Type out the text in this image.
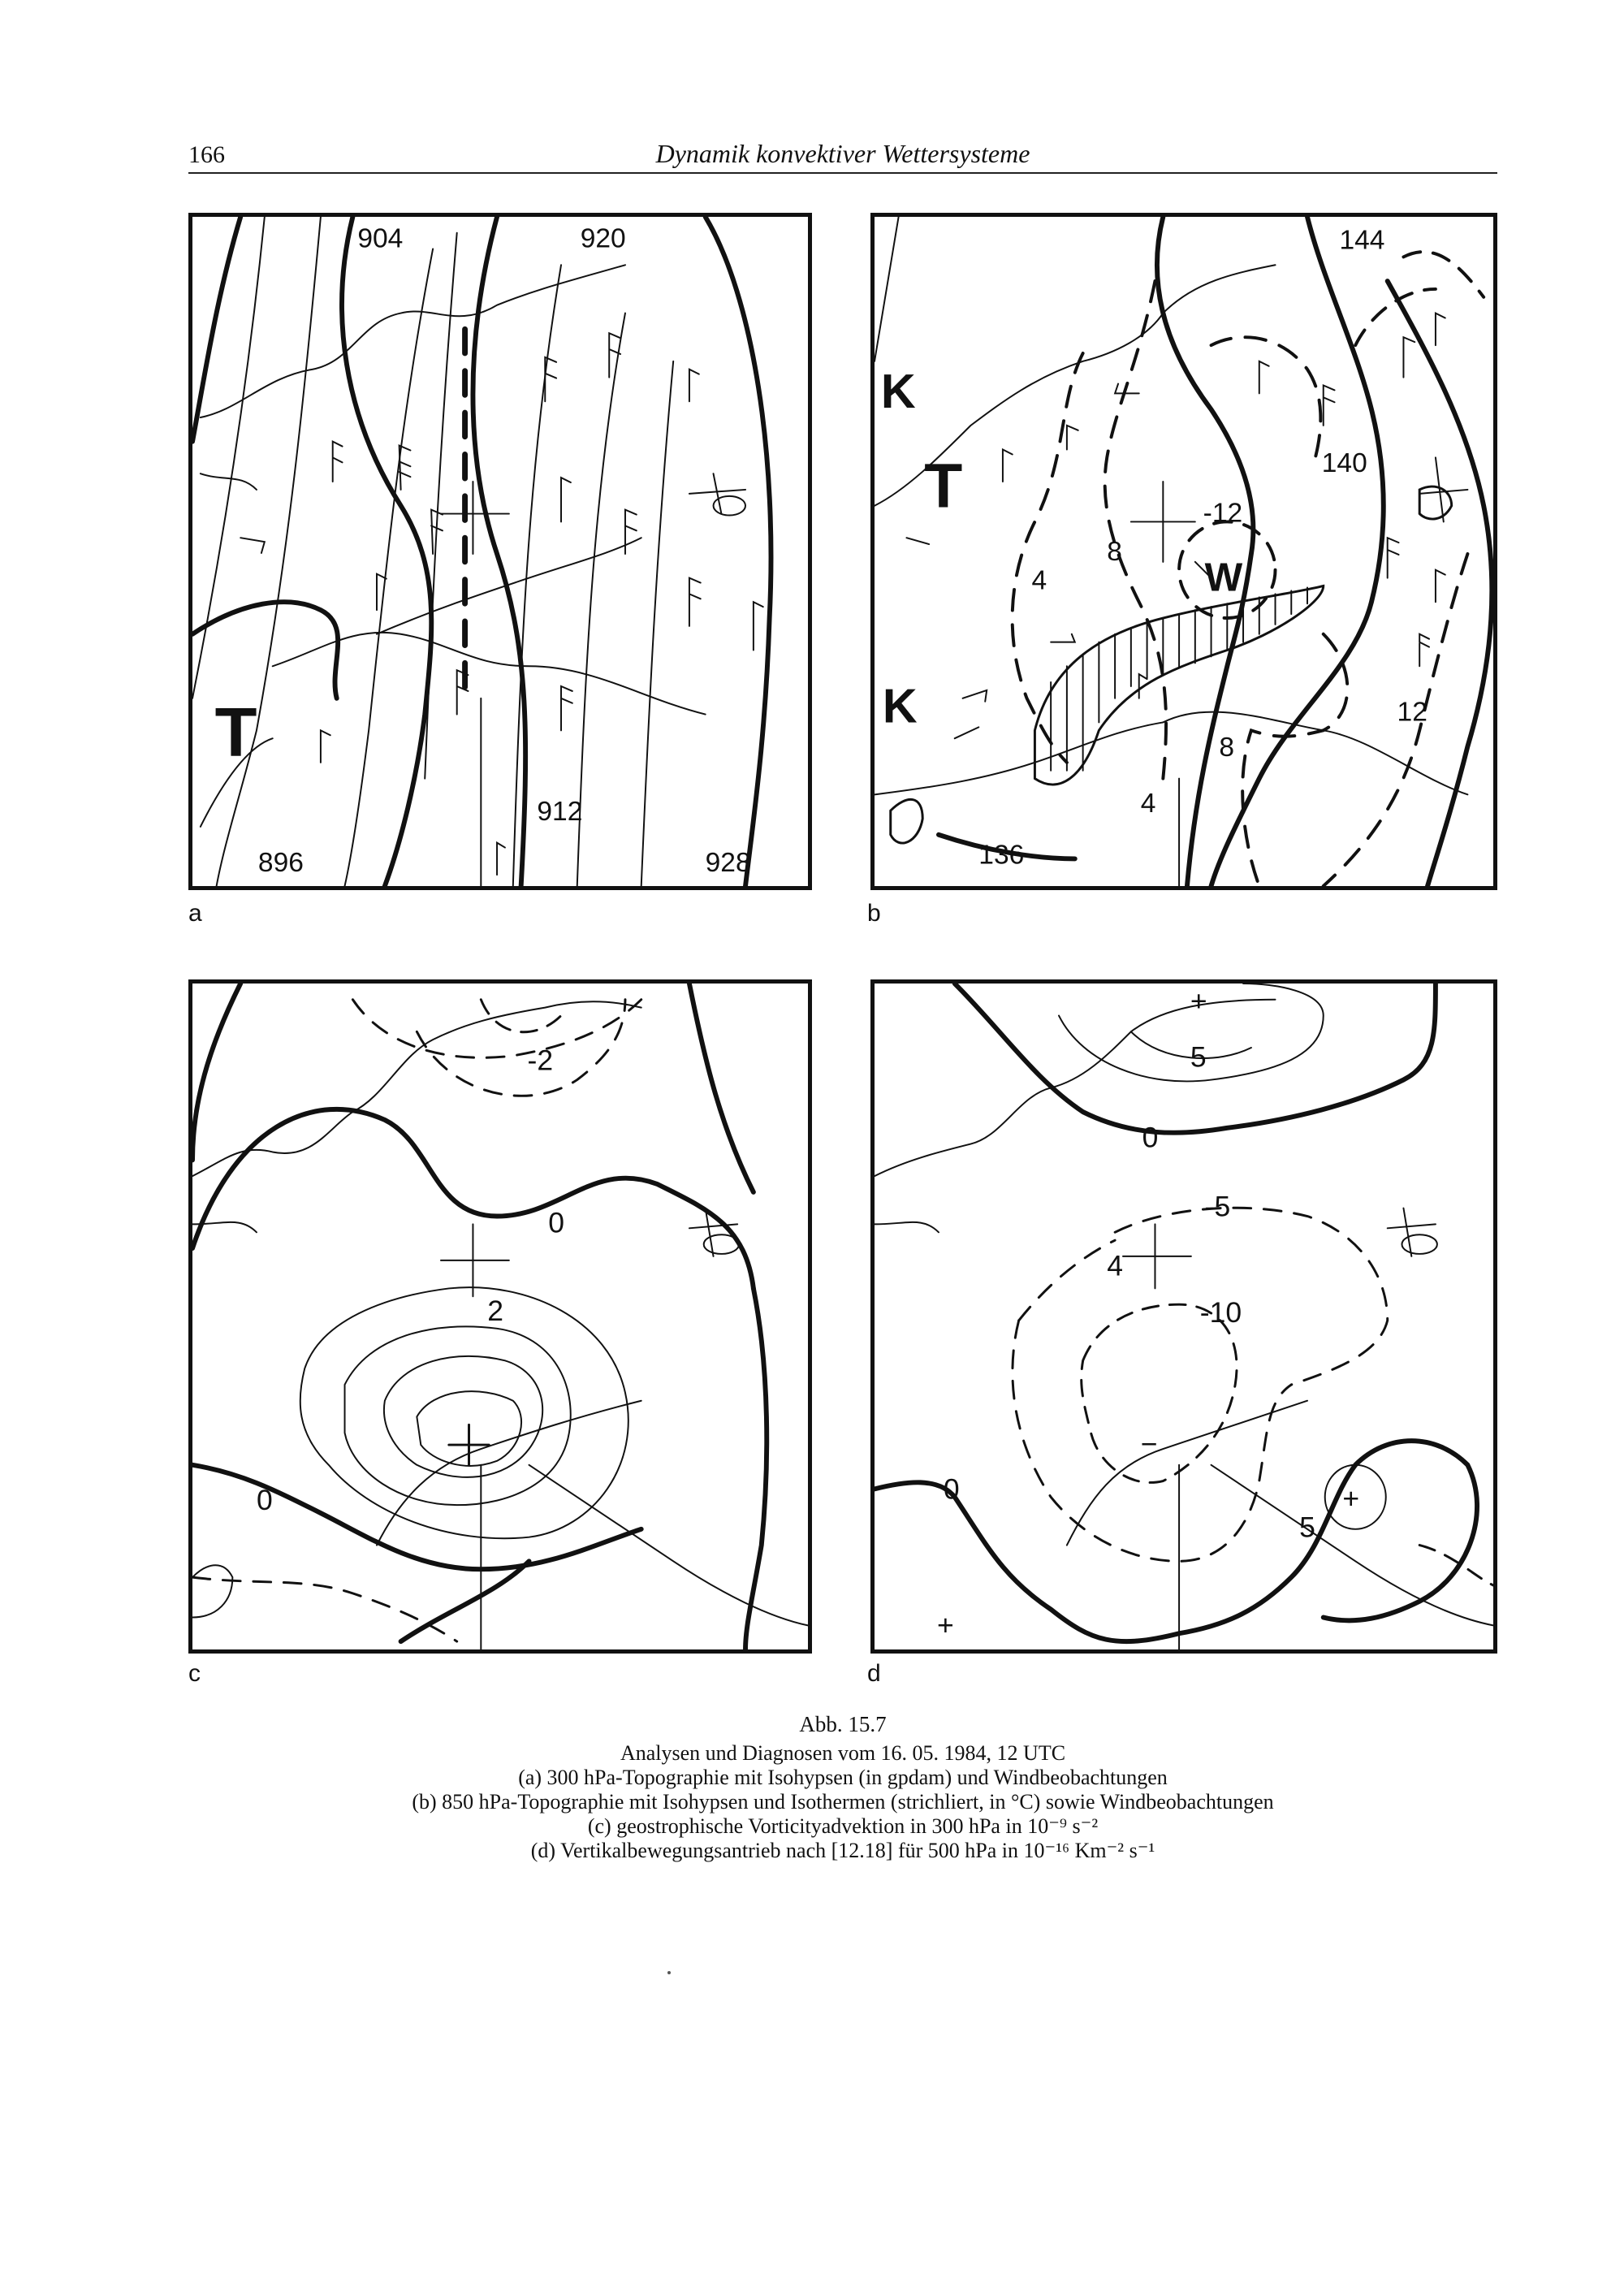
166	Dynamik konvektiver Wettersysteme
904	920
912
896	928
T
a
144
140
136
4
8
-12
8
12
4
K
T
W
K
b
-2
0
2
0
+
+
c
+
5
0
-5
4
-10
0
5
+
+
−
d
Abb. 15.7
Analysen und Diagnosen vom 16. 05. 1984, 12 UTC
(a) 300 hPa-Topographie mit Isohypsen (in gpdam) und Windbeobachtungen
(b) 850 hPa-Topographie mit Isohypsen und Isothermen (strichliert, in °C) sowie Windbeobachtungen
(c) geostrophische Vorticityadvektion in 300 hPa in 10⁻⁹ s⁻²
(d) Vertikalbewegungsantrieb nach [12.18] für 500 hPa in 10⁻¹⁶ Km⁻² s⁻¹
